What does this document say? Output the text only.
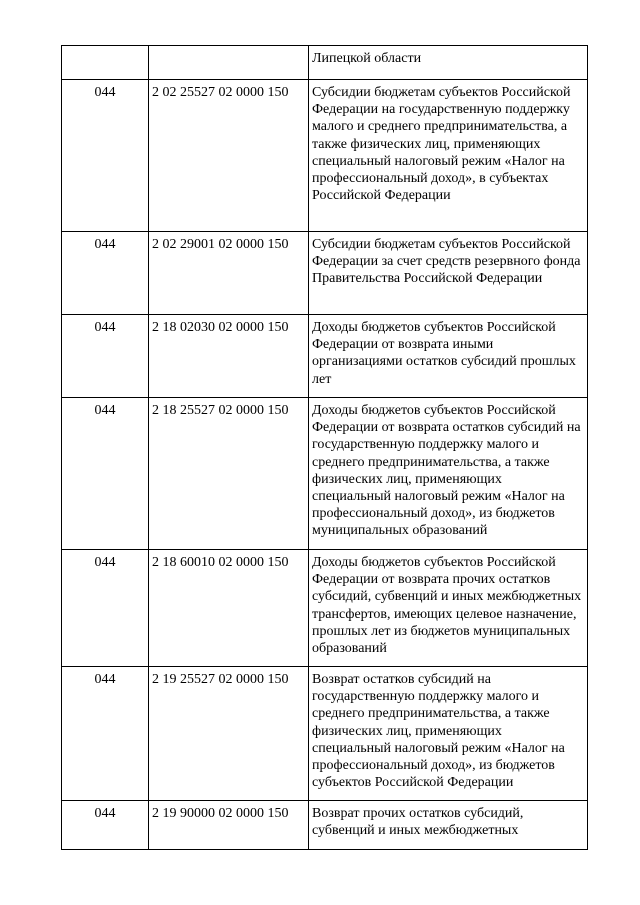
		Липецкой области
044	2 02 25527 02 0000 150	Субсидии бюджетам субъектов Российской Федерации на государственную поддержку малого и среднего предпринимательства, а также физических лиц, применяющих специальный налоговый режим «Налог на профессиональный доход», в субъектах Российской Федерации
044	2 02 29001 02 0000 150	Субсидии бюджетам субъектов Российской Федерации за счет средств резервного фонда Правительства Российской Федерации
044	2 18 02030 02 0000 150	Доходы бюджетов субъектов Российской Федерации от возврата иными организациями остатков субсидий прошлых лет
044	2 18 25527 02 0000 150	Доходы бюджетов субъектов Российской Федерации от возврата остатков субсидий на государственную поддержку малого и среднего предпринимательства, а также физических лиц, применяющих специальный налоговый режим «Налог на профессиональный доход», из бюджетов муниципальных образований
044	2 18 60010 02 0000 150	Доходы бюджетов субъектов Российской Федерации от возврата прочих остатков субсидий, субвенций и иных межбюджетных трансфертов, имеющих целевое назначение, прошлых лет из бюджетов муниципальных образований
044	2 19 25527 02 0000 150	Возврат остатков субсидий на государственную поддержку малого и среднего предпринимательства, а также физических лиц, применяющих специальный налоговый режим «Налог на профессиональный доход», из бюджетов субъектов Российской Федерации
044	2 19 90000 02 0000 150	Возврат прочих остатков субсидий, субвенций и иных межбюджетных
